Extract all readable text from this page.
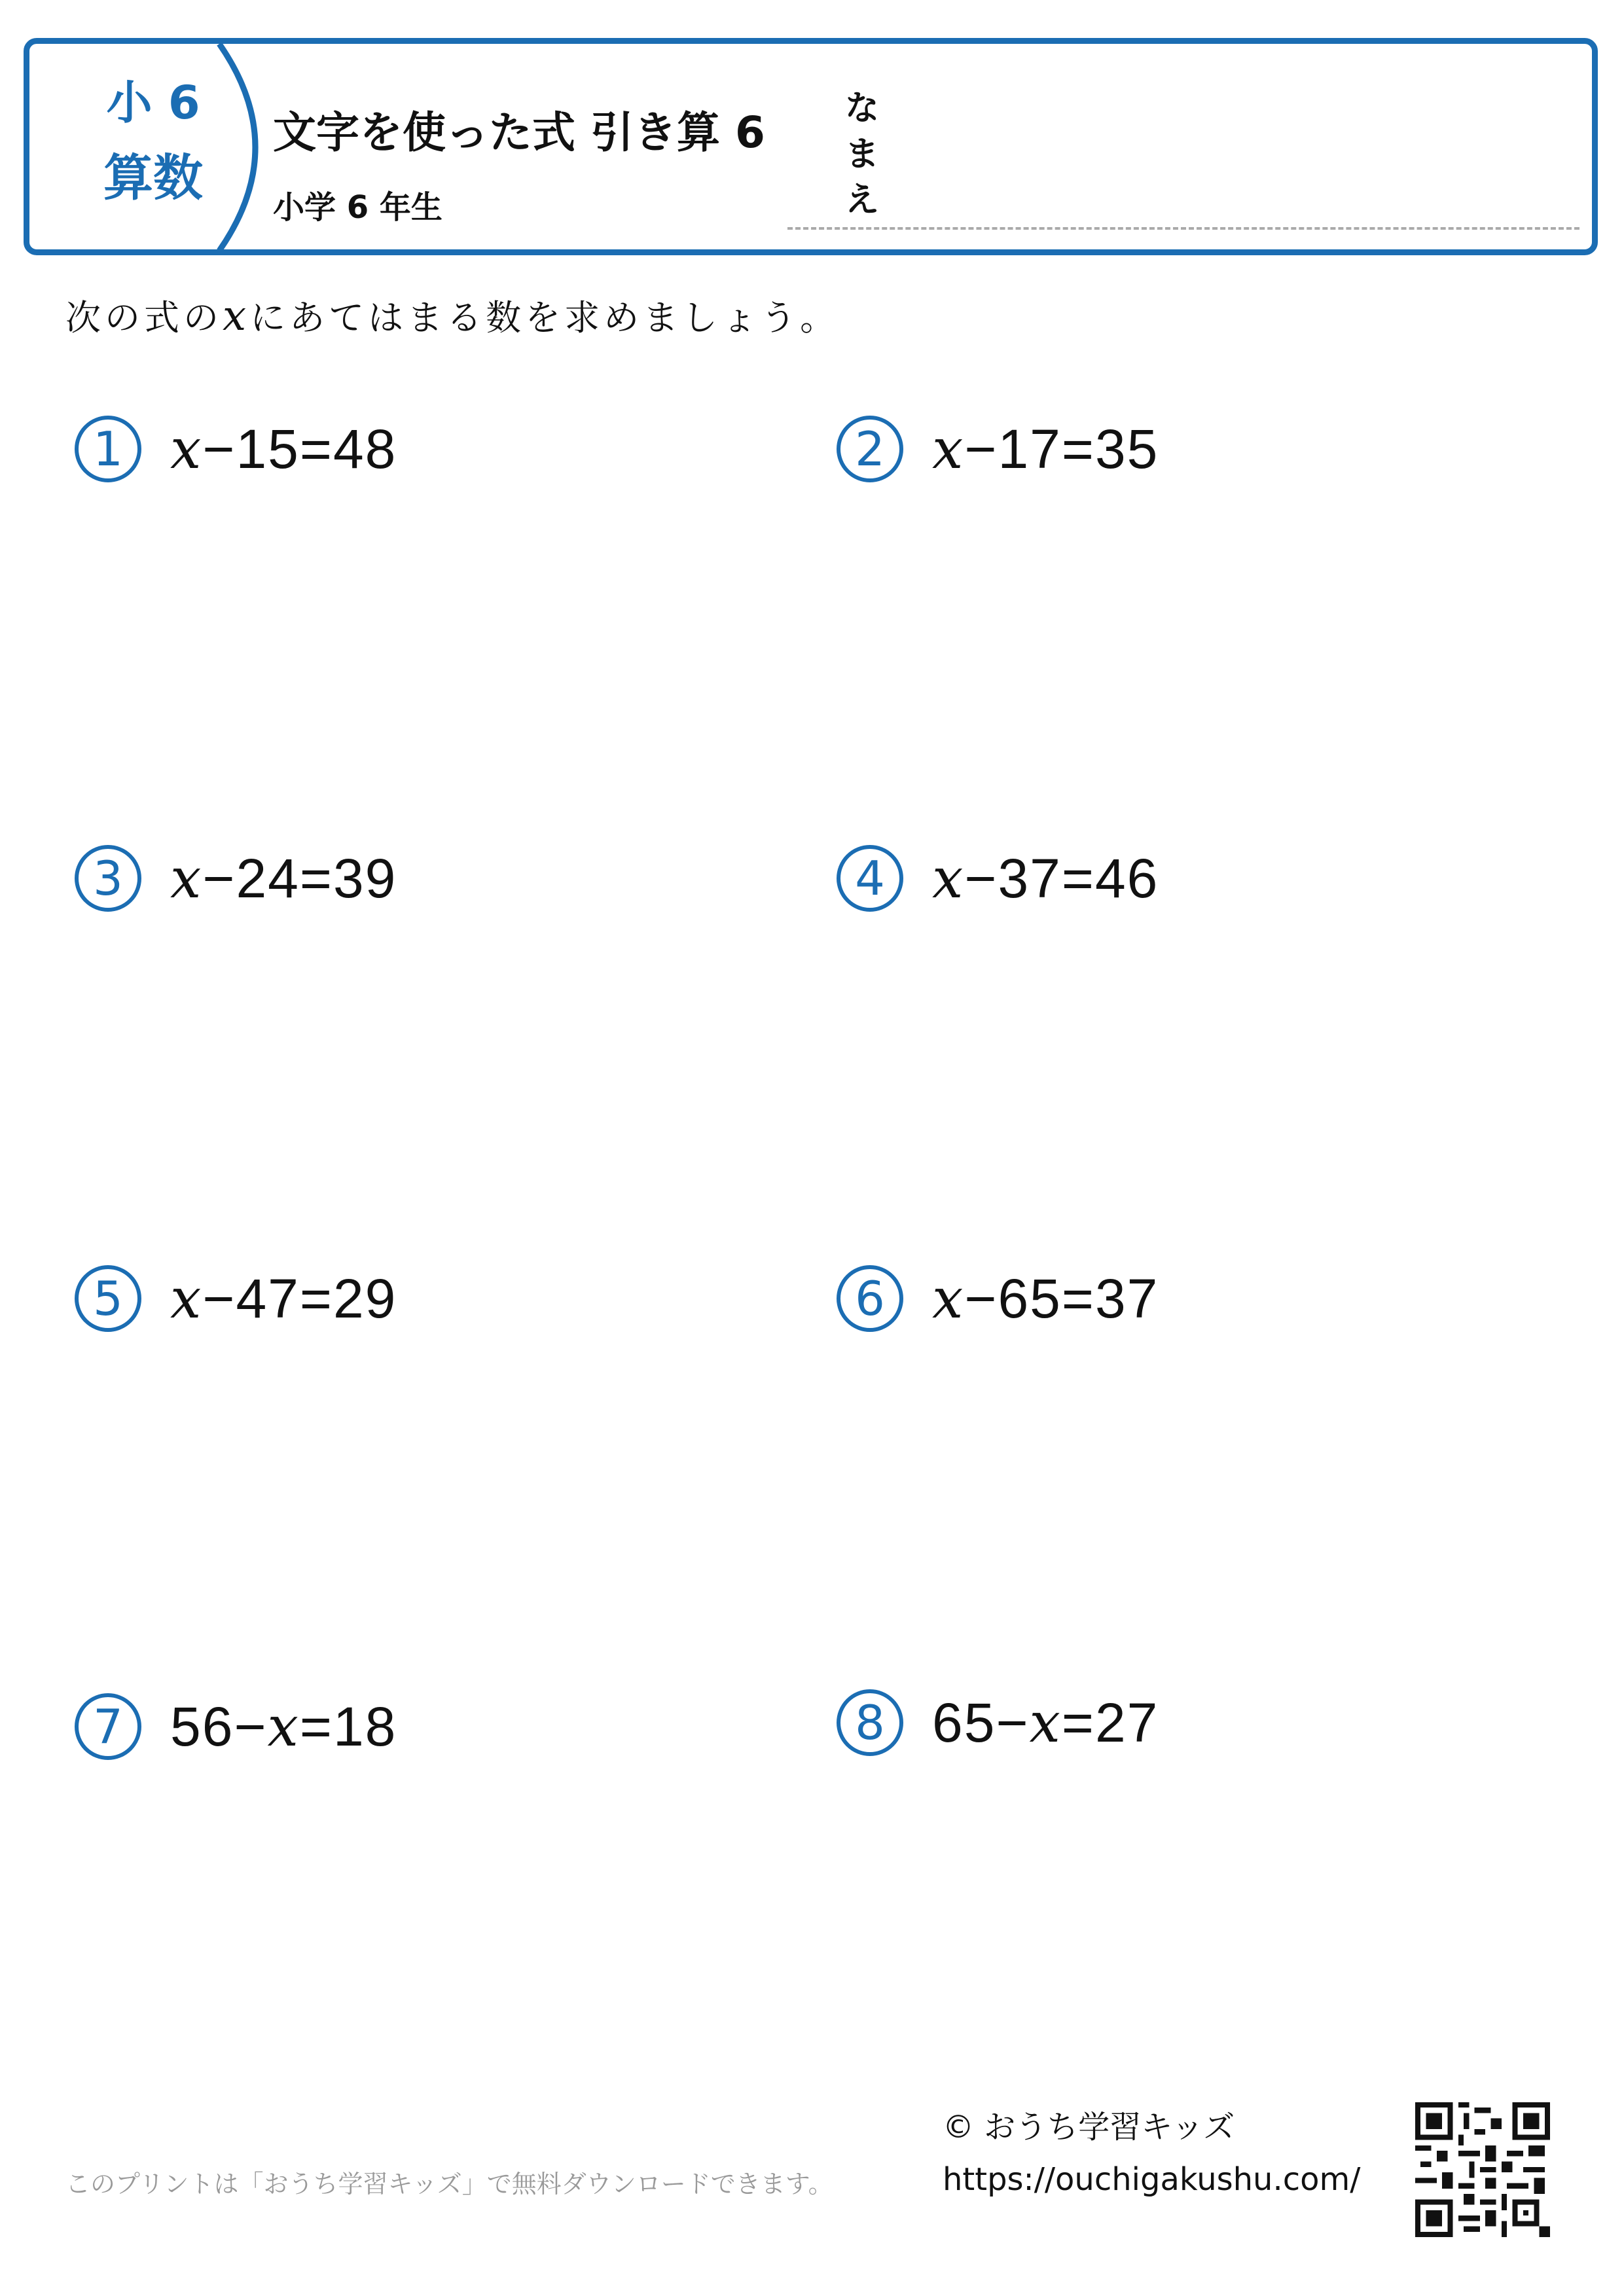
小 6
算数
文字を使った式 引き算 6
小学 6 年生
な
ま
え
次の式のxにあてはまる数を求めましょう。
1 x−15=48	2 x−17=35
3 x−24=39	4 x−37=46
5 x−47=29	6 x−65=37
7 56−x=18	8 65−x=27
© おうち学習キッズ
https://ouchigakushu.com/
このプリントは「おうち学習キッズ」で無料ダウンロードできます。
